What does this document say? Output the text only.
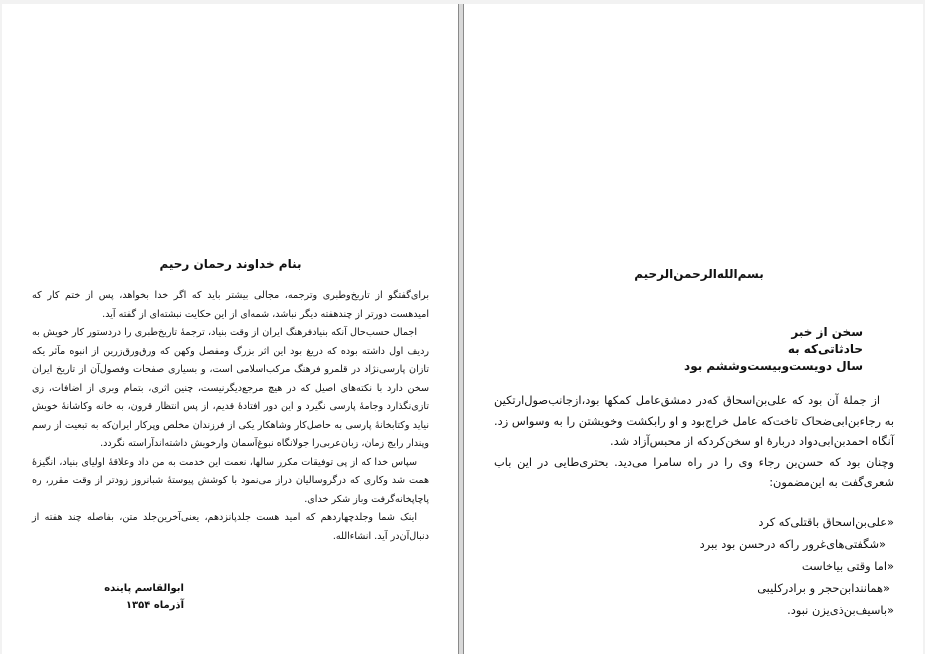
بنام خداوند رحمان رحیم

برای‌گفتگو از تاریخ‌وطبری وترجمه، مجالی بیشتر باید که اگر خدا بخواهد، پس از ختم کار که امیدهست دورتر از چندهفته دیگر نباشد، شمه‌ای از این حکایت نبشته‌ای از گفته آید.

اجمال حسب‌حال آنکه بنیادفرهنگ ایران از وقت بنیاد، ترجمهٔ تاریخ‌طبری را دردستور کار خویش به ردیف اول داشته بوده که دریغ بود این اثر بزرگ ومفصل وکهن که ورق‌ورق‌زرین از انبوه مآثر یکه تازان پارسی‌نژاد در قلمرو فرهنگ مرکب‌اسلامی است، و بسیاری صفحات وفصول‌آن از تاریخ ایران سخن دارد با نکته‌های اصیل که در هیچ مرجع‌دیگرنیست، چنین اثری، بتمام وبری از اضافات، زی تازی‌نگذارد وجامهٔ پارسی نگیرد و این دور افتادهٔ قدیم، از پس انتظار قرون، به خانه وکاشانهٔ خویش نیاید وکتابخانهٔ پارسی به حاصل‌کار وشاهکار یکی از فرزندان مخلص وپرکار ایران‌که به تبعیت از رسم وپندار رایج زمان، زبان‌عربی‌را جولانگاه نبوغ‌آسمان وارخویش داشته‌اندآراسته نگردد.

سپاس خدا که از پی توفیقات مکرر سالها، نعمت این خدمت به من داد وعلاقهٔ اولیای بنیاد، انگیزهٔ همت شد وکاری که درگروسالیان دراز می‌نمود با کوشش پیوستهٔ شبانروز زودتر از وقت مقرر، ره پاچاپخانه‌گرفت وباز شکر خدای.

اینک شما وجلدچهاردهم که امید هست جلدپانزدهم، یعنی‌آخرین‌جلد متن، بفاصله چند هفته از دنبال‌آن‌در آید. انشاءالله.

ابوالقاسم پاینده
آذرماه ۱۳۵۴
بسم‌الله‌الرحمن‌الرحیم
سخن از خبر
حادثاتی‌که به
سال دویست‌وبیست‌وششم بود

از جملهٔ آن بود که علی‌بن‌اسحاق که‌در دمشق‌عامل کمکها بود،ازجانب‌صول‌ارتکین به رجاءبن‌ابی‌ضحاک تاخت‌که عامل خراج‌بود و او رابکشت وخویشتن را به وسواس زد. آنگاه احمدبن‌ابی‌دواد دربارهٔ او سخن‌کردکه از محبس‌آزاد شد.

وچنان بود که حسن‌بن رجاء وی را در راه سامرا می‌دید. بحتری‌طایی در این باب شعری‌گفت به این‌مضمون:

«علی‌بن‌اسحاق باقتلی‌که کرد
«شگفتی‌های‌غرور راکه درحسن بود ببرد
«اما وقتی بیاخاست
«همانندابن‌حجر و برادرکلیبی
«باسیف‌بن‌ذی‌یزن نبود.
